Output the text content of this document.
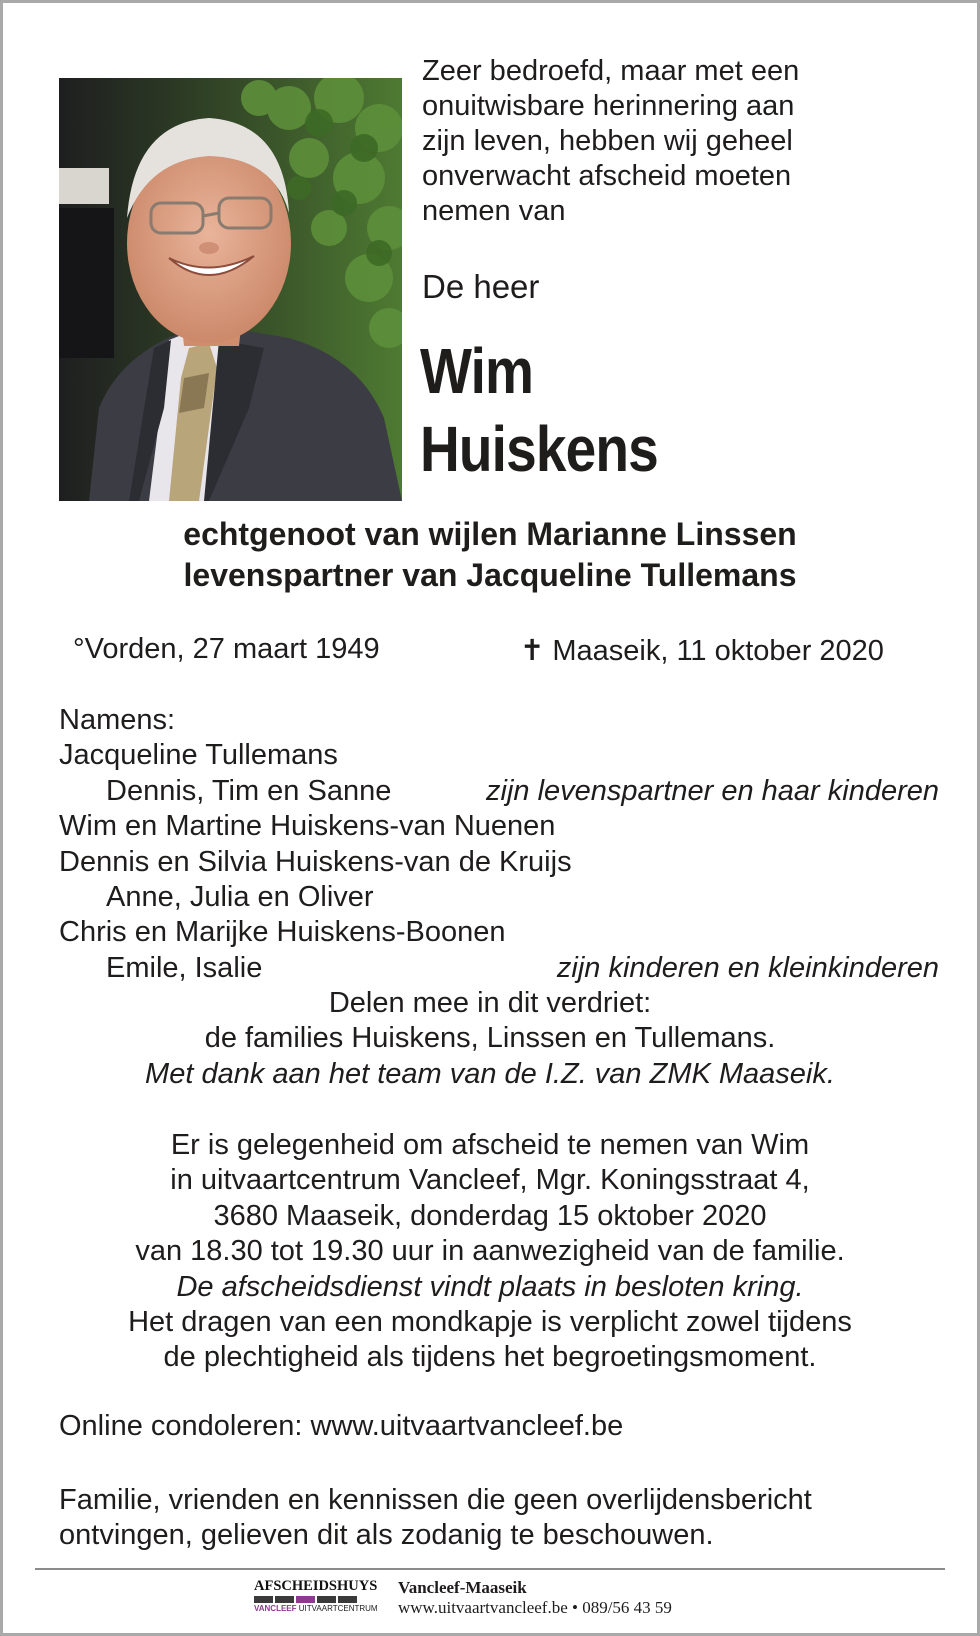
Zeer bedroefd, maar met een
onuitwisbare herinnering aan
zijn leven, hebben wij geheel
onverwacht afscheid moeten
nemen van

De heer

Wim
Huiskens

echtgenoot van wijlen Marianne Linssen

levenspartner van Jacqueline Tullemans

°Vorden, 27 maart 1949	✝ Maaseik, 11 oktober 2020

Namens:
Jacqueline Tullemans
Dennis, Tim en Sanne	zijn levenspartner en haar kinderen
Wim en Martine Huiskens-van Nuenen
Dennis en Silvia Huiskens-van de Kruijs
Anne, Julia en Oliver
Chris en Marijke Huiskens-Boonen
Emile, Isalie	zijn kinderen en kleinkinderen
Delen mee in dit verdriet:
de families Huiskens, Linssen en Tullemans.
Met dank aan het team van de I.Z. van ZMK Maaseik.
Er is gelegenheid om afscheid te nemen van Wim
in uitvaartcentrum Vancleef, Mgr. Koningsstraat 4,
3680 Maaseik, donderdag 15 oktober 2020
van 18.30 tot 19.30 uur in aanwezigheid van de familie.
De afscheidsdienst vindt plaats in besloten kring.
Het dragen van een mondkapje is verplicht zowel tijdens
de plechtigheid als tijdens het begroetingsmoment.

Online condoleren: www.uitvaartvancleef.be

Familie, vrienden en kennissen die geen overlijdensbericht
ontvingen, gelieven dit als zodanig te beschouwen.
AFSCHEIDSHUYS
VANCLEEF UITVAARTCENTRUM

Vancleef-Maaseik

www.uitvaartvancleef.be • 089/56 43 59
